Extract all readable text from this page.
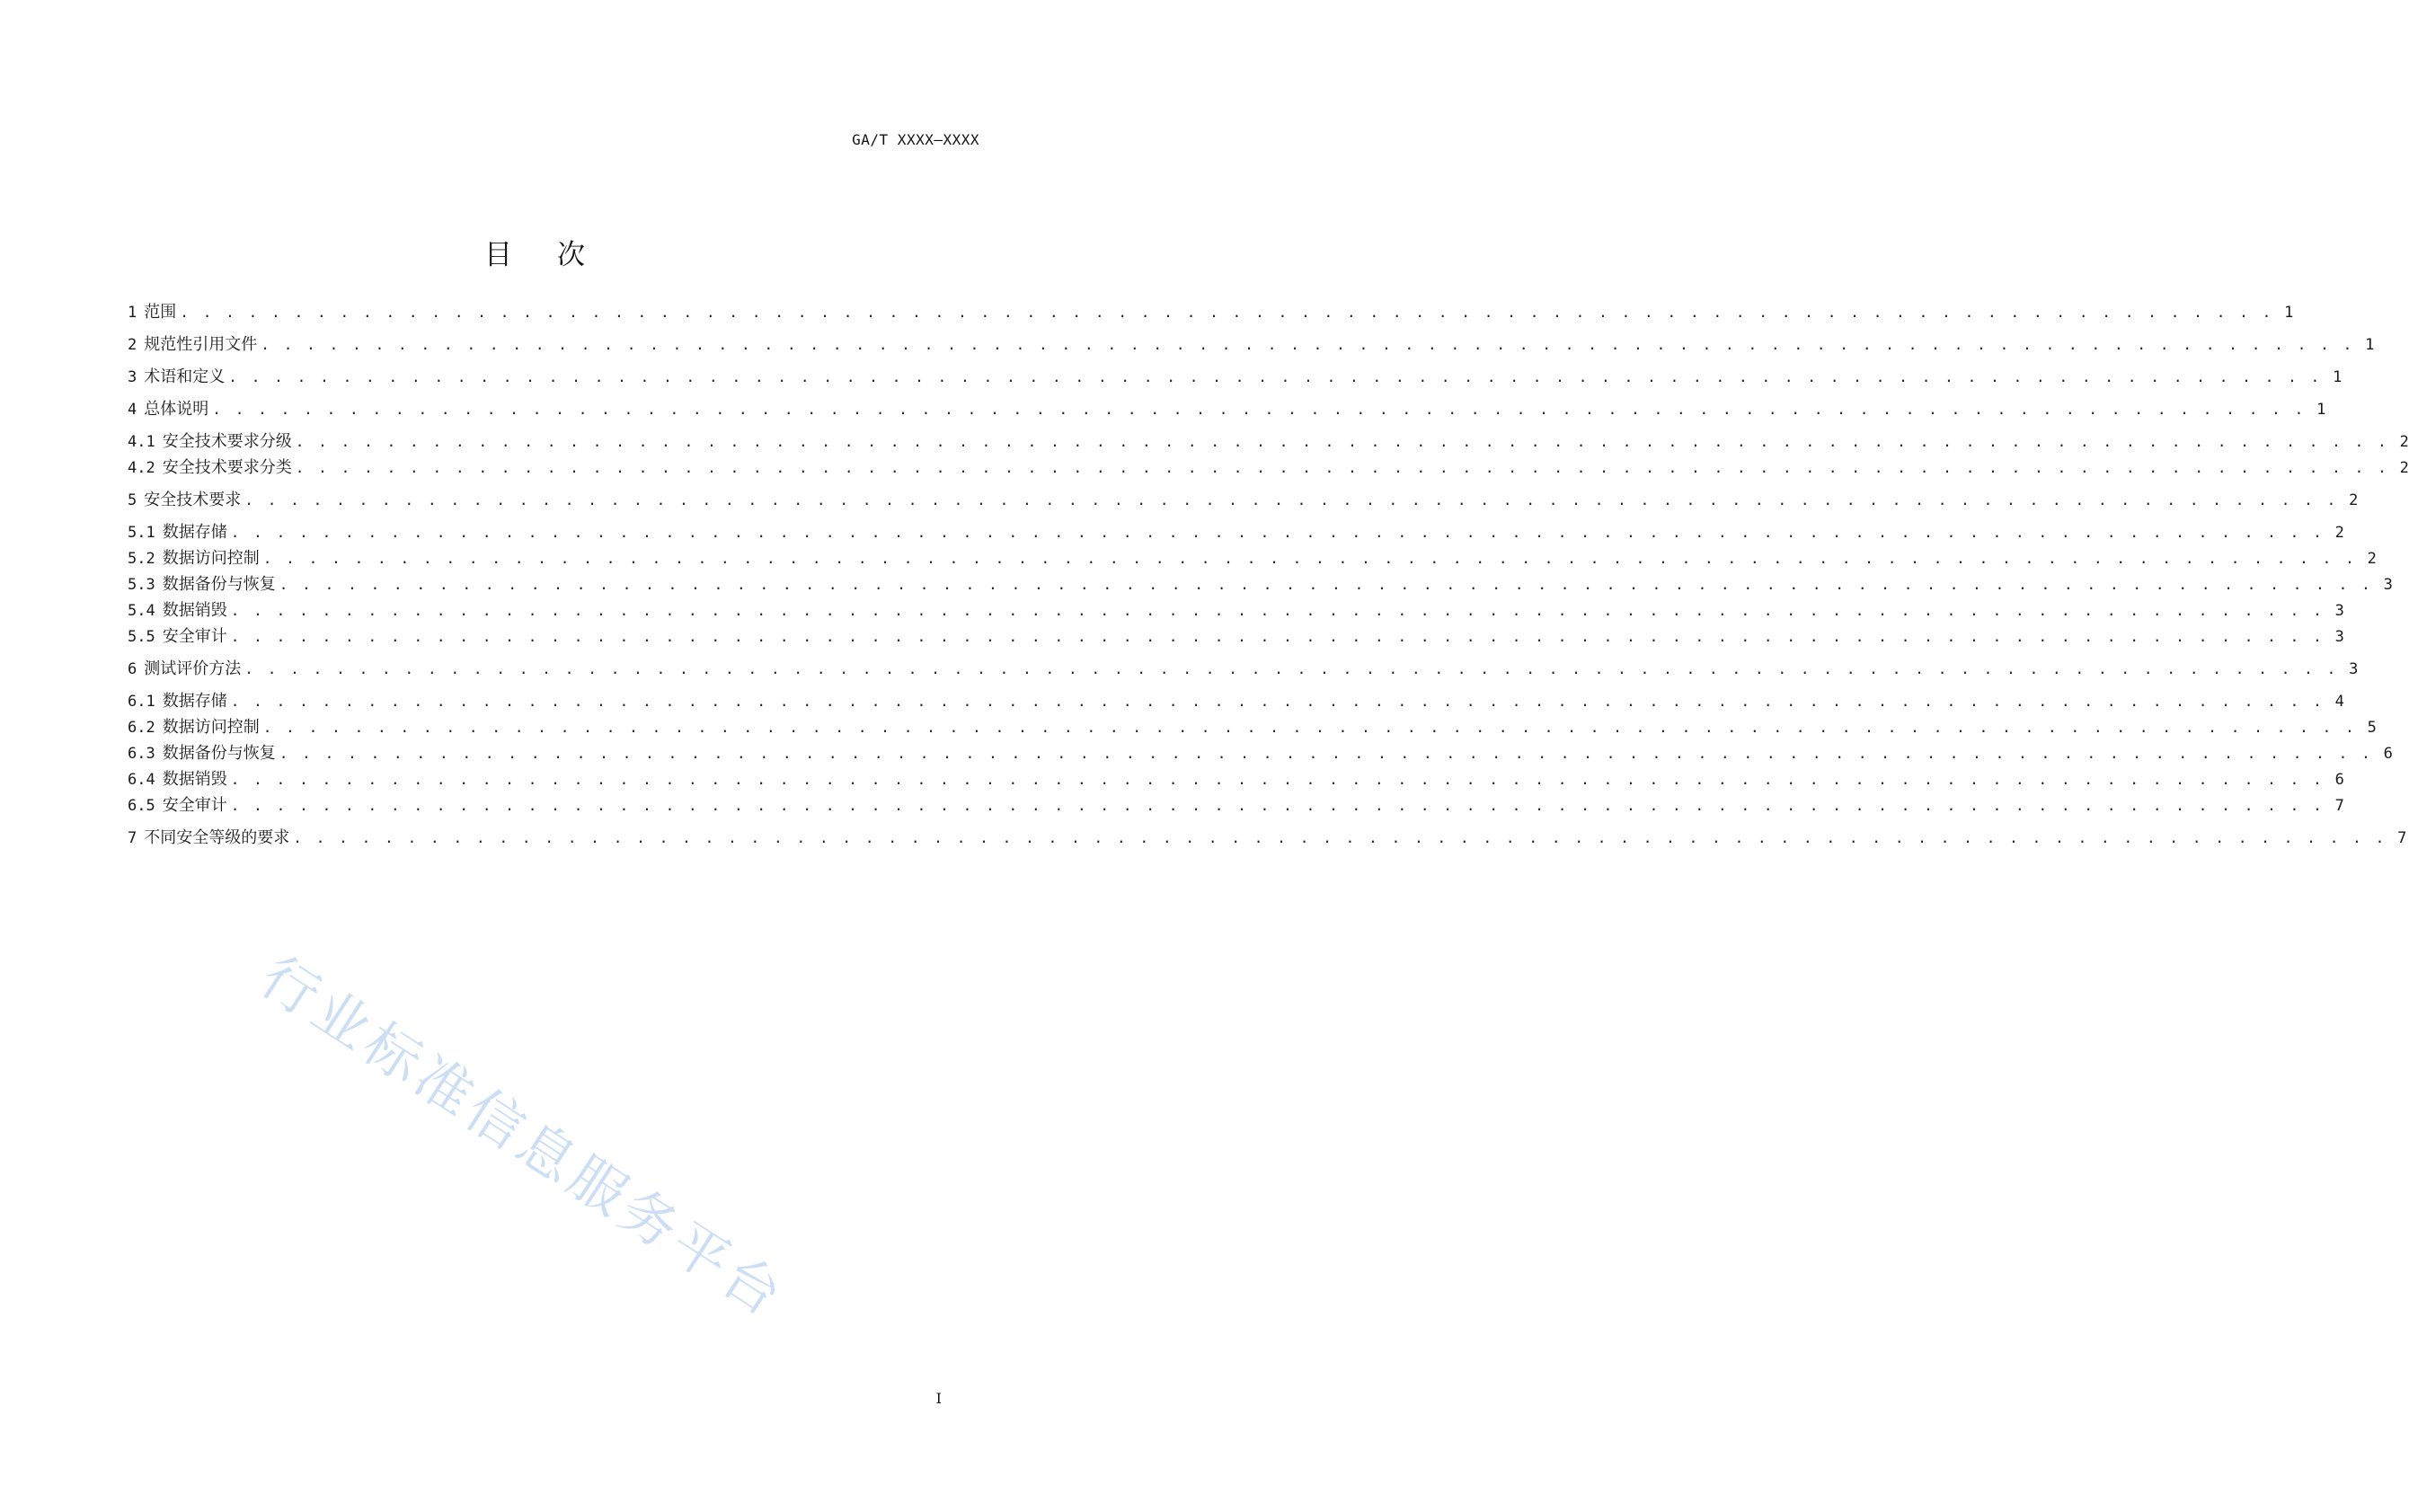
GA/T XXXX—XXXX
目次
1 范围 . . . . . . . . . . . . . . . . . . . . . . . . . . . . . . . . . . . . . . . . . . . . . . . . . . . . . . . . . . . . . . . . . . . . . . . . . . . . . . . . . . . . . . . . . . . . 1
2 规范性引用文件 . . . . . . . . . . . . . . . . . . . . . . . . . . . . . . . . . . . . . . . . . . . . . . . . . . . . . . . . . . . . . . . . . . . . . . . . . . . . . . . . . . . . . . . . . . . . 1
3 术语和定义 . . . . . . . . . . . . . . . . . . . . . . . . . . . . . . . . . . . . . . . . . . . . . . . . . . . . . . . . . . . . . . . . . . . . . . . . . . . . . . . . . . . . . . . . . . . . 1
4 总体说明 . . . . . . . . . . . . . . . . . . . . . . . . . . . . . . . . . . . . . . . . . . . . . . . . . . . . . . . . . . . . . . . . . . . . . . . . . . . . . . . . . . . . . . . . . . . . 1
4.1 安全技术要求分级 . . . . . . . . . . . . . . . . . . . . . . . . . . . . . . . . . . . . . . . . . . . . . . . . . . . . . . . . . . . . . . . . . . . . . . . . . . . . . . . . . . . . . . . . . . . . 2
4.2 安全技术要求分类 . . . . . . . . . . . . . . . . . . . . . . . . . . . . . . . . . . . . . . . . . . . . . . . . . . . . . . . . . . . . . . . . . . . . . . . . . . . . . . . . . . . . . . . . . . . . 2
5 安全技术要求 . . . . . . . . . . . . . . . . . . . . . . . . . . . . . . . . . . . . . . . . . . . . . . . . . . . . . . . . . . . . . . . . . . . . . . . . . . . . . . . . . . . . . . . . . . . . 2
5.1 数据存储 . . . . . . . . . . . . . . . . . . . . . . . . . . . . . . . . . . . . . . . . . . . . . . . . . . . . . . . . . . . . . . . . . . . . . . . . . . . . . . . . . . . . . . . . . . . . 2
5.2 数据访问控制 . . . . . . . . . . . . . . . . . . . . . . . . . . . . . . . . . . . . . . . . . . . . . . . . . . . . . . . . . . . . . . . . . . . . . . . . . . . . . . . . . . . . . . . . . . . . 2
5.3 数据备份与恢复 . . . . . . . . . . . . . . . . . . . . . . . . . . . . . . . . . . . . . . . . . . . . . . . . . . . . . . . . . . . . . . . . . . . . . . . . . . . . . . . . . . . . . . . . . . . . 3
5.4 数据销毁 . . . . . . . . . . . . . . . . . . . . . . . . . . . . . . . . . . . . . . . . . . . . . . . . . . . . . . . . . . . . . . . . . . . . . . . . . . . . . . . . . . . . . . . . . . . . 3
5.5 安全审计 . . . . . . . . . . . . . . . . . . . . . . . . . . . . . . . . . . . . . . . . . . . . . . . . . . . . . . . . . . . . . . . . . . . . . . . . . . . . . . . . . . . . . . . . . . . . 3
6 测试评价方法 . . . . . . . . . . . . . . . . . . . . . . . . . . . . . . . . . . . . . . . . . . . . . . . . . . . . . . . . . . . . . . . . . . . . . . . . . . . . . . . . . . . . . . . . . . . . 3
6.1 数据存储 . . . . . . . . . . . . . . . . . . . . . . . . . . . . . . . . . . . . . . . . . . . . . . . . . . . . . . . . . . . . . . . . . . . . . . . . . . . . . . . . . . . . . . . . . . . . 4
6.2 数据访问控制 . . . . . . . . . . . . . . . . . . . . . . . . . . . . . . . . . . . . . . . . . . . . . . . . . . . . . . . . . . . . . . . . . . . . . . . . . . . . . . . . . . . . . . . . . . . . 5
6.3 数据备份与恢复 . . . . . . . . . . . . . . . . . . . . . . . . . . . . . . . . . . . . . . . . . . . . . . . . . . . . . . . . . . . . . . . . . . . . . . . . . . . . . . . . . . . . . . . . . . . . 6
6.4 数据销毁 . . . . . . . . . . . . . . . . . . . . . . . . . . . . . . . . . . . . . . . . . . . . . . . . . . . . . . . . . . . . . . . . . . . . . . . . . . . . . . . . . . . . . . . . . . . . 6
6.5 安全审计 . . . . . . . . . . . . . . . . . . . . . . . . . . . . . . . . . . . . . . . . . . . . . . . . . . . . . . . . . . . . . . . . . . . . . . . . . . . . . . . . . . . . . . . . . . . . 7
7 不同安全等级的要求 . . . . . . . . . . . . . . . . . . . . . . . . . . . . . . . . . . . . . . . . . . . . . . . . . . . . . . . . . . . . . . . . . . . . . . . . . . . . . . . . . . . . . . . . . . . . 7
行业标准信息服务平台
I
